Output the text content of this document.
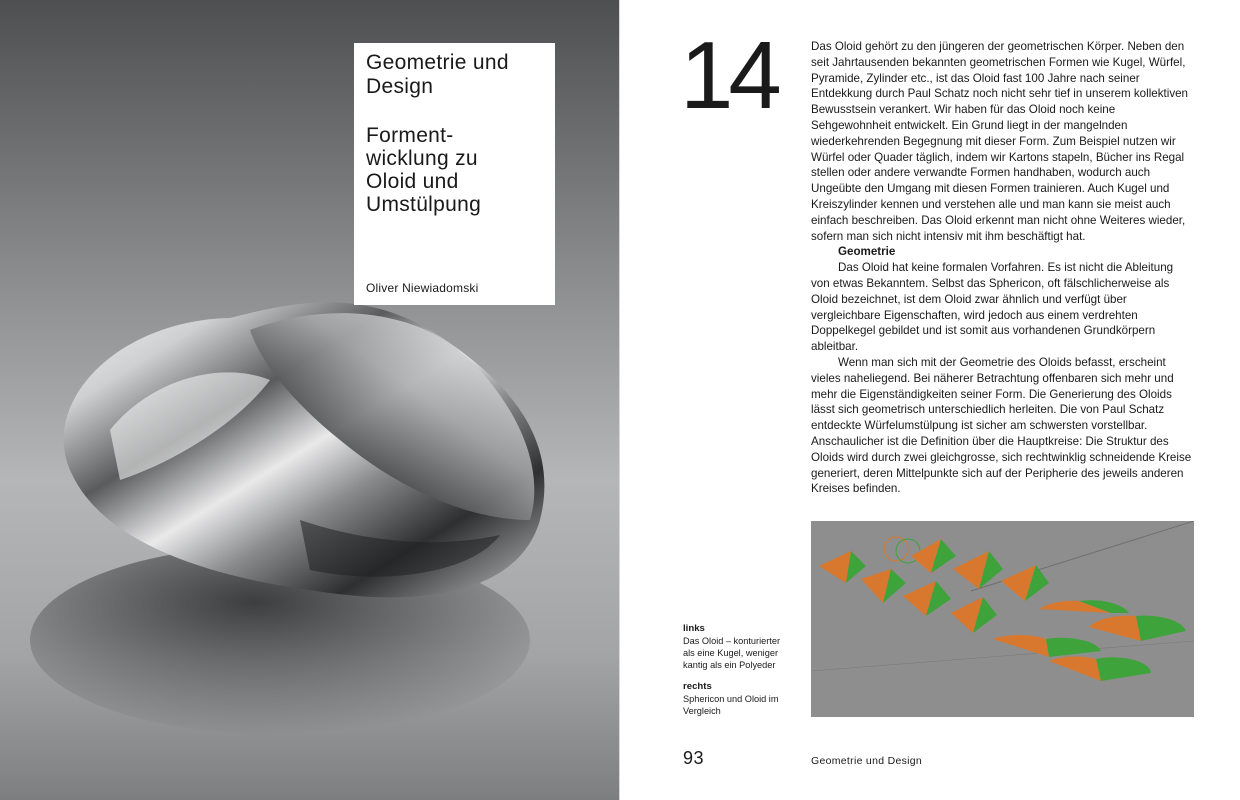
Geometrie und Design
Forment-
wicklung zu
Oloid und
Umstülpung
Oliver Niewiadomski
14	Das Oloid gehört zu den jüngeren der geometrischen Körper. Neben den seit Jahrtausenden bekannten geometrischen Formen wie Kugel, Würfel, Pyramide, Zylinder etc., ist das Oloid fast 100 Jahre nach seiner Entdekkung durch Paul Schatz noch nicht sehr tief in unserem kollektiven Bewusstsein verankert. Wir haben für das Oloid noch keine Sehgewohnheit entwickelt. Ein Grund liegt in der mangelnden wiederkehrenden Begegnung mit dieser Form. Zum Beispiel nutzen wir Würfel oder Quader täglich, indem wir Kartons stapeln, Bücher ins Regal stellen oder andere verwandte Formen handhaben, wodurch auch Ungeübte den Umgang mit diesen Formen trainieren. Auch Kugel und Kreiszylinder kennen und verstehen alle und man kann sie meist auch einfach beschreiben. Das Oloid erkennt man nicht ohne Weiteres wieder, sofern man sich nicht intensiv mit ihm beschäftigt hat.

Geometrie

Das Oloid hat keine formalen Vorfahren. Es ist nicht die Ableitung von etwas Bekanntem. Selbst das Sphericon, oft fälschlicherweise als Oloid bezeichnet, ist dem Oloid zwar ähnlich und verfügt über vergleichbare Eigenschaften, wird jedoch aus einem verdrehten Doppelkegel gebildet und ist somit aus vorhandenen Grundkörpern ableitbar.

Wenn man sich mit der Geometrie des Oloids befasst, erscheint vieles naheliegend. Bei näherer Betrachtung offenbaren sich mehr und mehr die Eigenständigkeiten seiner Form. Die Generierung des Oloids lässt sich geometrisch unterschiedlich herleiten. Die von Paul Schatz entdeckte Würfelumstülpung ist sicher am schwersten vorstellbar. Anschaulicher ist die Definition über die Hauptkreise: Die Struktur des Oloids wird durch zwei gleichgrosse, sich rechtwinklig schneidende Kreise generiert, deren Mittelpunkte sich auf der Peripherie des jeweils anderen Kreises befinden.

links
Das Oloid – konturierter als eine Kugel, weniger kantig als ein Polyeder
rechts
Sphericon und Oloid im Vergleich
93	Geometrie und Design
